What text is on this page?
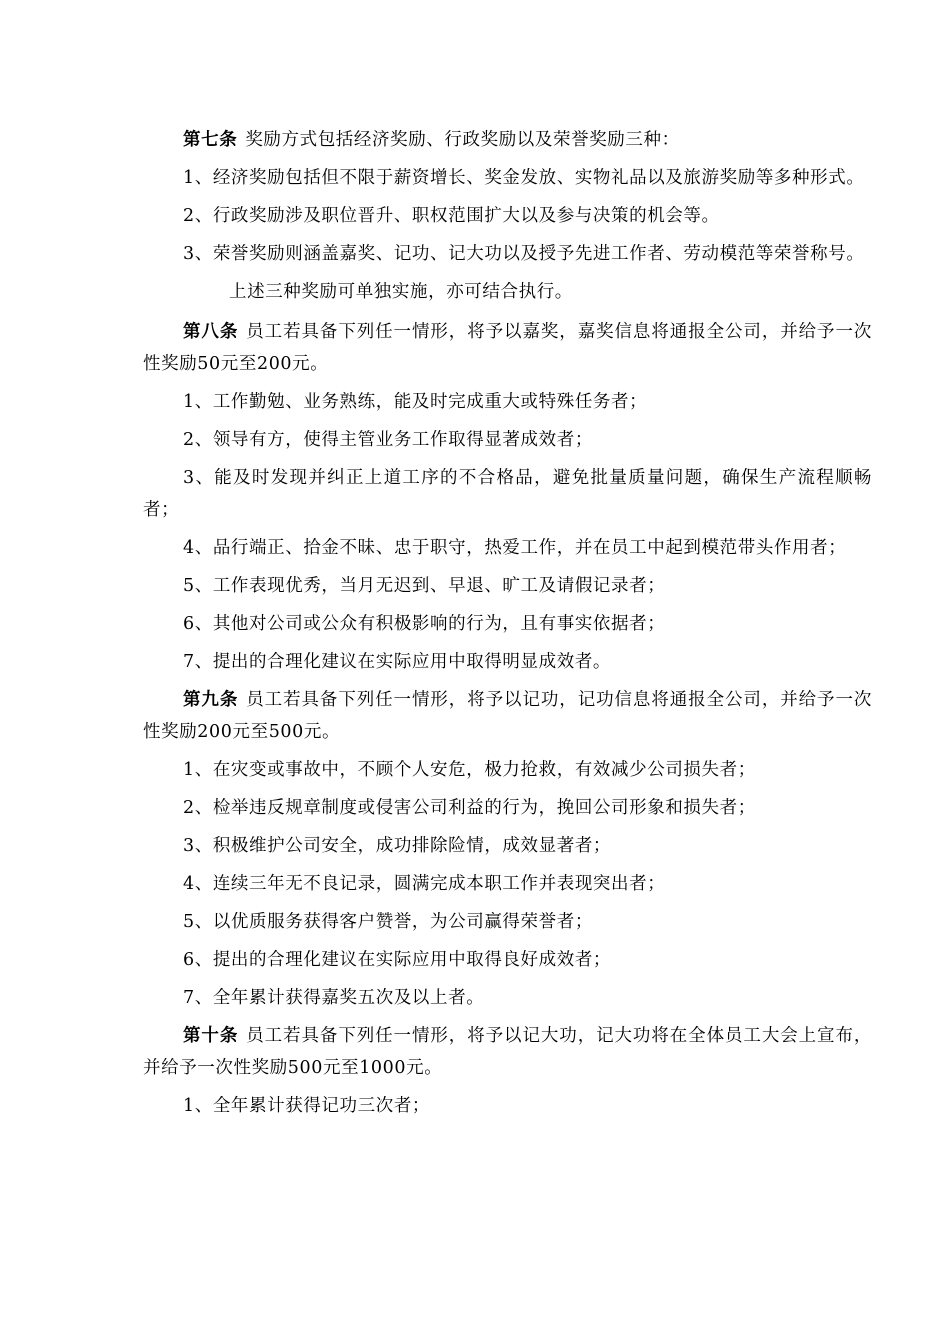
第七条 奖励方式包括经济奖励、行政奖励以及荣誉奖励三种：

1、经济奖励包括但不限于薪资增长、奖金发放、实物礼品以及旅游奖励等多种形式。

2、行政奖励涉及职位晋升、职权范围扩大以及参与决策的机会等。

3、荣誉奖励则涵盖嘉奖、记功、记大功以及授予先进工作者、劳动模范等荣誉称号。

上述三种奖励可单独实施，亦可结合执行。

第八条 员工若具备下列任一情形，将予以嘉奖，嘉奖信息将通报全公司，并给予一次性奖励50元至200元。

1、工作勤勉、业务熟练，能及时完成重大或特殊任务者；

2、领导有方，使得主管业务工作取得显著成效者；

3、能及时发现并纠正上道工序的不合格品，避免批量质量问题，确保生产流程顺畅者；

4、品行端正、拾金不昧、忠于职守，热爱工作，并在员工中起到模范带头作用者；

5、工作表现优秀，当月无迟到、早退、旷工及请假记录者；

6、其他对公司或公众有积极影响的行为，且有事实依据者；

7、提出的合理化建议在实际应用中取得明显成效者。

第九条 员工若具备下列任一情形，将予以记功，记功信息将通报全公司，并给予一次性奖励200元至500元。

1、在灾变或事故中，不顾个人安危，极力抢救，有效减少公司损失者；

2、检举违反规章制度或侵害公司利益的行为，挽回公司形象和损失者；

3、积极维护公司安全，成功排除险情，成效显著者；

4、连续三年无不良记录，圆满完成本职工作并表现突出者；

5、以优质服务获得客户赞誉，为公司赢得荣誉者；

6、提出的合理化建议在实际应用中取得良好成效者；

7、全年累计获得嘉奖五次及以上者。

第十条 员工若具备下列任一情形，将予以记大功，记大功将在全体员工大会上宣布，并给予一次性奖励500元至1000元。

1、全年累计获得记功三次者；
